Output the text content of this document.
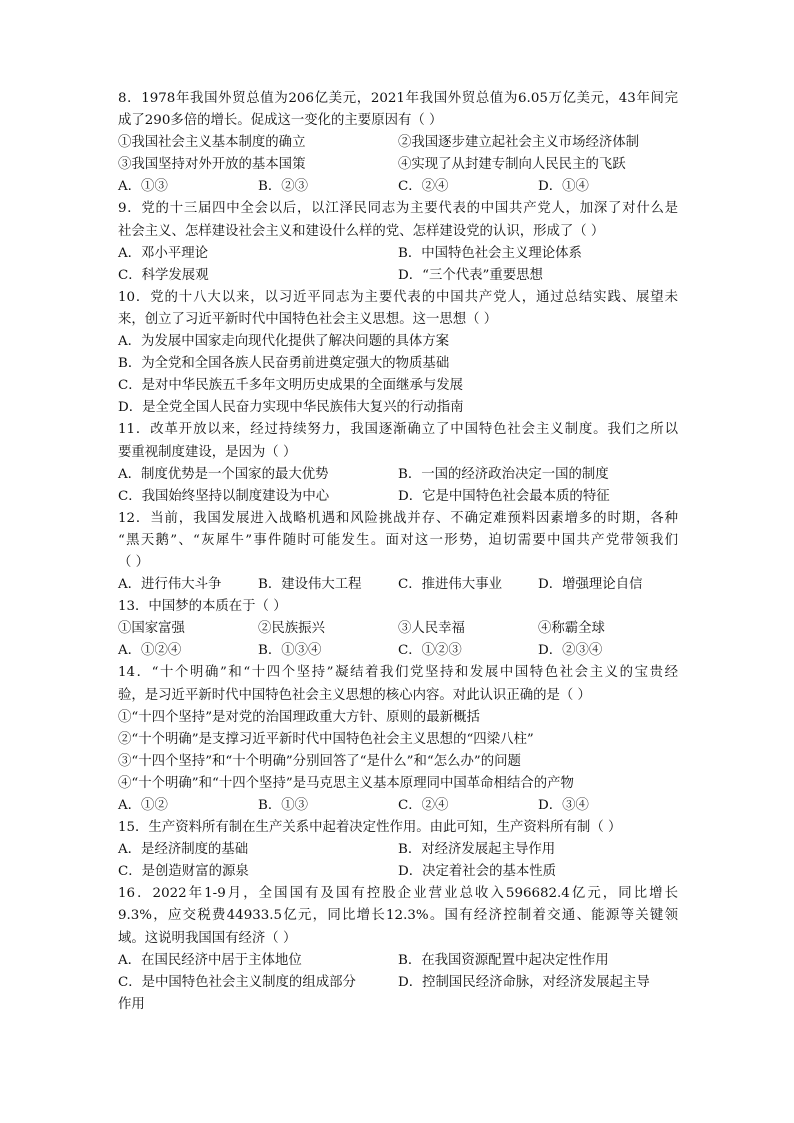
8．1978年我国外贸总值为206亿美元，2021年我国外贸总值为6.05万亿美元，43年间完
成了290多倍的增长。促成这一变化的主要原因有（ ）
①我国社会主义基本制度的确立	②我国逐步建立起社会主义市场经济体制
③我国坚持对外开放的基本国策	④实现了从封建专制向人民民主的飞跃
A．①③	B．②③	C．②④	D．①④
9．党的十三届四中全会以后，以江泽民同志为主要代表的中国共产党人，加深了对什么是
社会主义、怎样建设社会主义和建设什么样的党、怎样建设党的认识，形成了（ ）
A．邓小平理论	B．中国特色社会主义理论体系
C．科学发展观	D．“三个代表”重要思想
10．党的十八大以来，以习近平同志为主要代表的中国共产党人，通过总结实践、展望未
来，创立了习近平新时代中国特色社会主义思想。这一思想（ ）
A．为发展中国家走向现代化提供了解决问题的具体方案
B．为全党和全国各族人民奋勇前进奠定强大的物质基础
C．是对中华民族五千多年文明历史成果的全面继承与发展
D．是全党全国人民奋力实现中华民族伟大复兴的行动指南
11．改革开放以来，经过持续努力，我国逐渐确立了中国特色社会主义制度。我们之所以
要重视制度建设，是因为（ ）
A．制度优势是一个国家的最大优势	B．一国的经济政治决定一国的制度
C．我国始终坚持以制度建设为中心	D．它是中国特色社会最本质的特征
12．当前，我国发展进入战略机遇和风险挑战并存、不确定难预料因素增多的时期，各种
“黑天鹅”、“灰犀牛”事件随时可能发生。面对这一形势，迫切需要中国共产党带领我们
（ ）
A．进行伟大斗争	B．建设伟大工程	C．推进伟大事业	D．增强理论自信
13．中国梦的本质在于（ ）
①国家富强	②民族振兴	③人民幸福	④称霸全球
A．①②④	B．①③④	C．①②③	D．②③④
14．“十个明确”和“十四个坚持”凝结着我们党坚持和发展中国特色社会主义的宝贵经
验，是习近平新时代中国特色社会主义思想的核心内容。对此认识正确的是（ ）
①“十四个坚持”是对党的治国理政重大方针、原则的最新概括
②“十个明确”是支撑习近平新时代中国特色社会主义思想的“四梁八柱”
③“十四个坚持”和“十个明确”分别回答了“是什么”和“怎么办”的问题
④“十个明确”和“十四个坚持”是马克思主义基本原理同中国革命相结合的产物
A．①②	B．①③	C．②④	D．③④
15．生产资料所有制在生产关系中起着决定性作用。由此可知，生产资料所有制（ ）
A．是经济制度的基础	B．对经济发展起主导作用
C．是创造财富的源泉	D．决定着社会的基本性质
16．2022年1-9月，全国国有及国有控股企业营业总收入596682.4亿元，同比增长
9.3%，应交税费44933.5亿元，同比增长12.3%。国有经济控制着交通、能源等关键领
域。这说明我国国有经济（ ）
A．在国民经济中居于主体地位	B．在我国资源配置中起决定性作用
C．是中国特色社会主义制度的组成部分	D．控制国民经济命脉，对经济发展起主导
作用
